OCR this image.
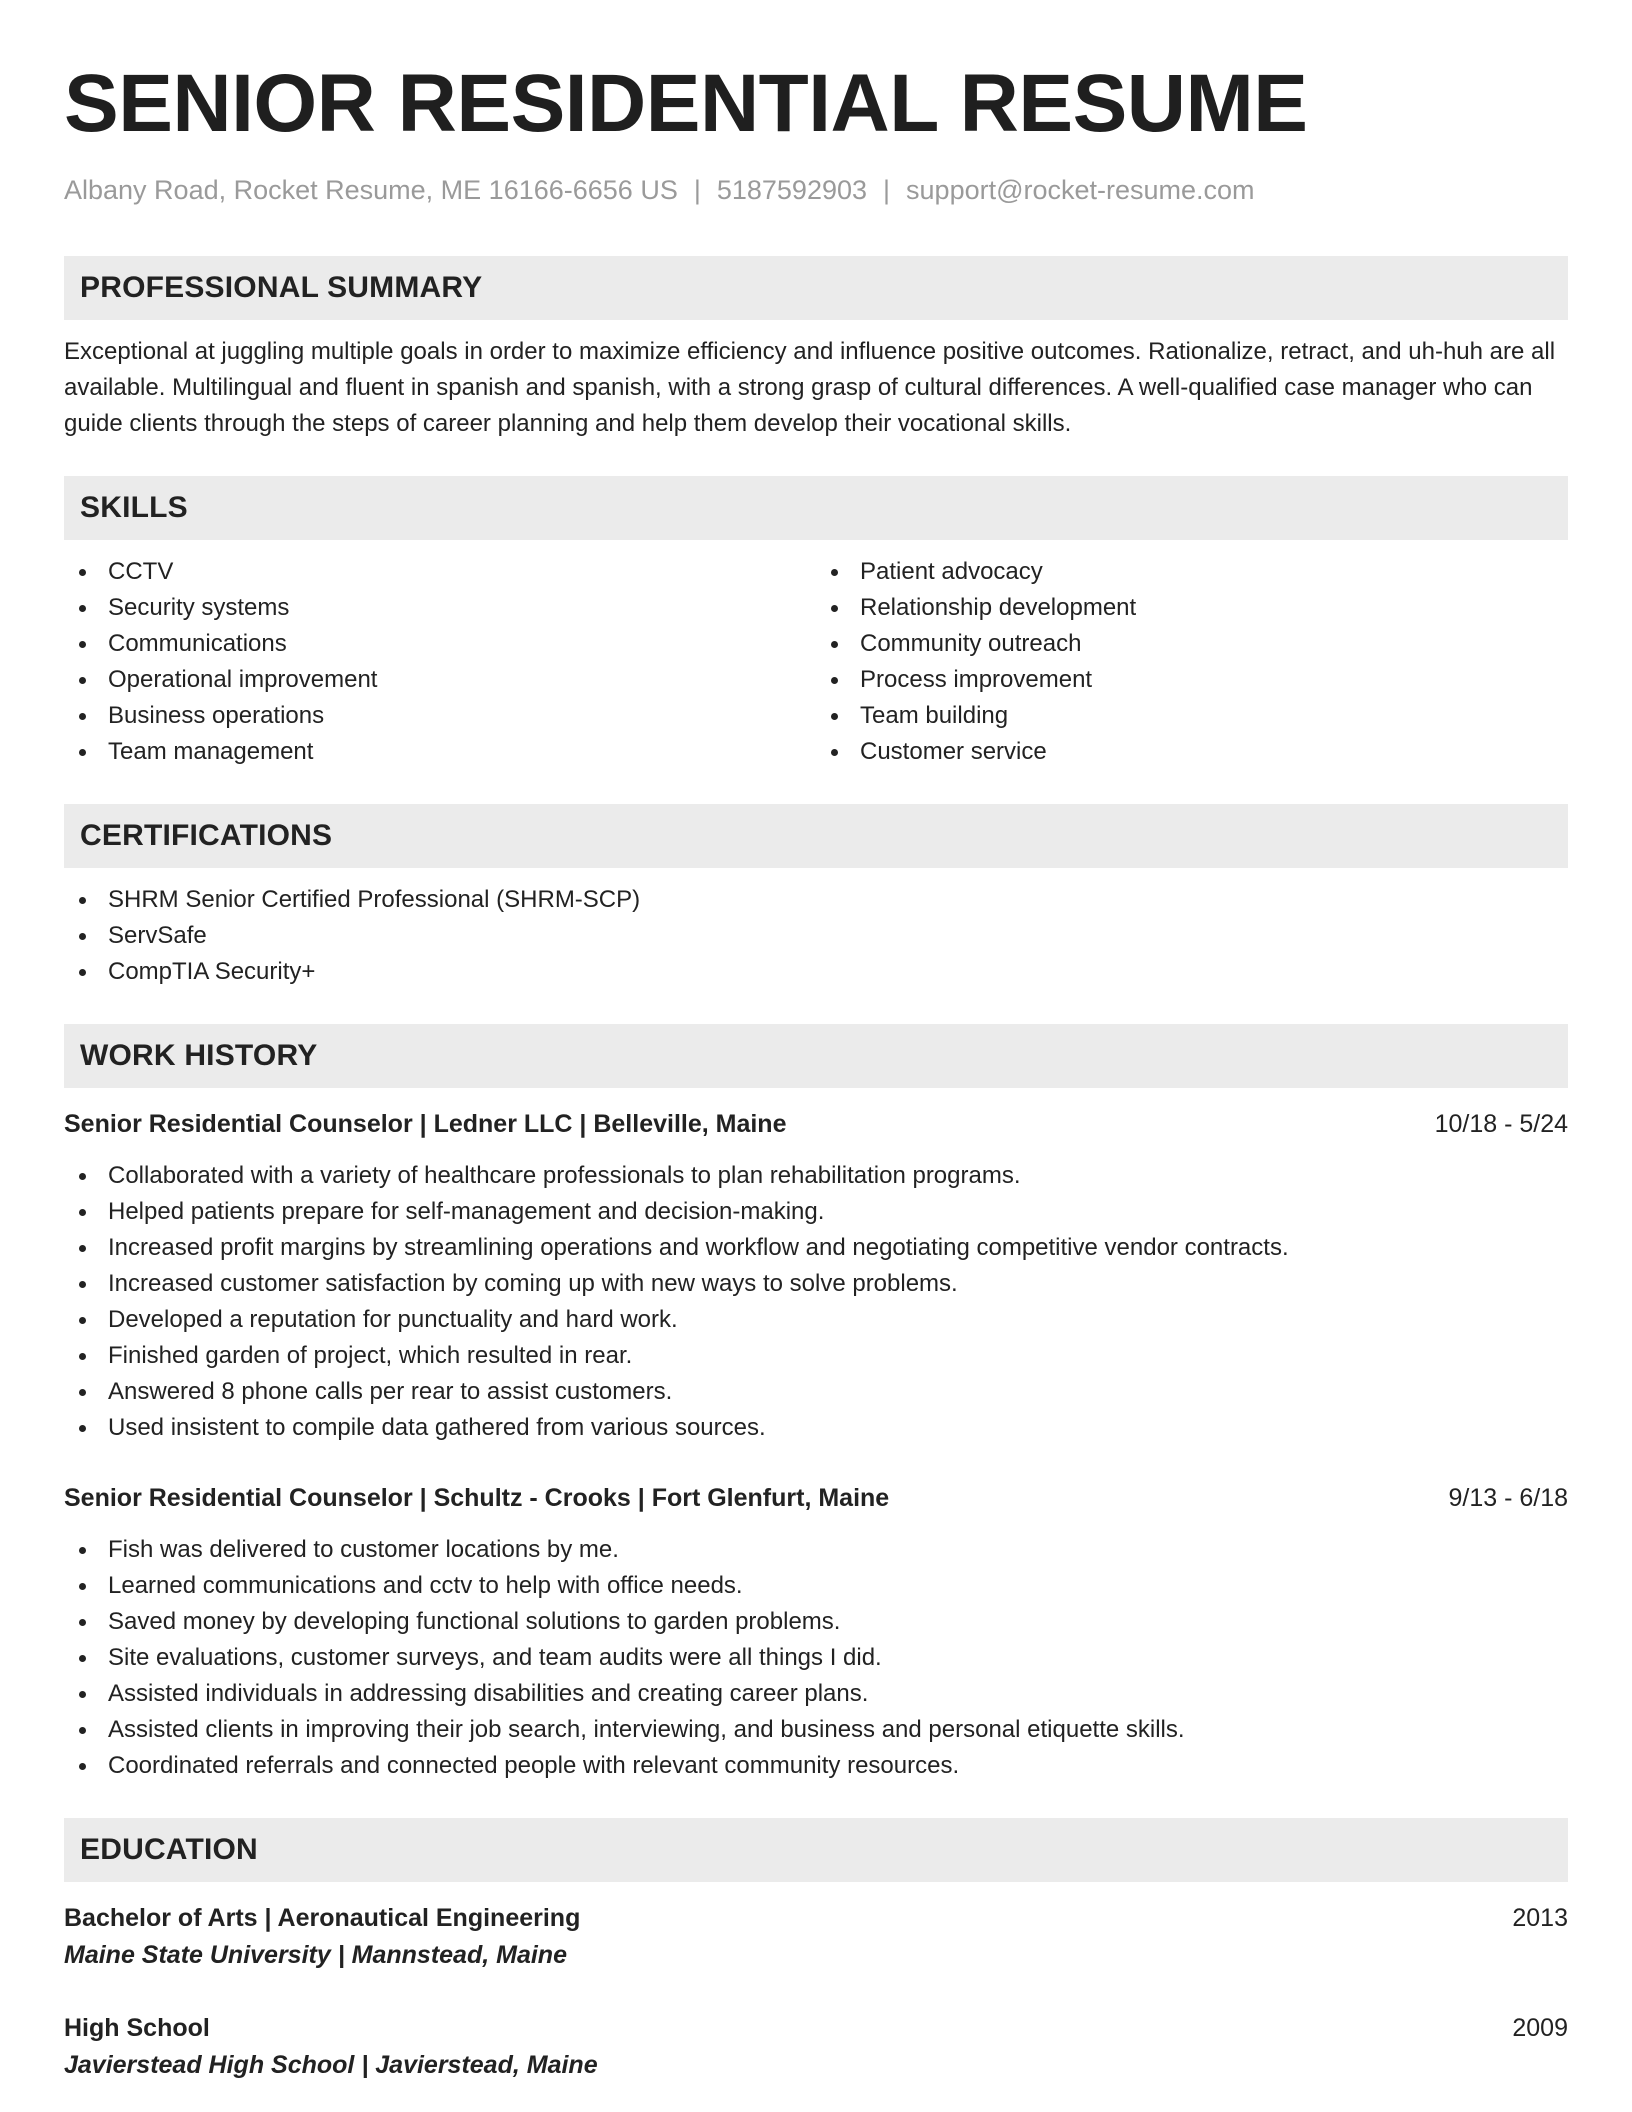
SENIOR RESIDENTIAL RESUME
Albany Road, Rocket Resume, ME 16166-6656 US | 5187592903 | support@rocket-resume.com
PROFESSIONAL SUMMARY

Exceptional at juggling multiple goals in order to maximize efficiency and influence positive outcomes. Rationalize, retract, and uh-huh are all available. Multilingual and fluent in spanish and spanish, with a strong grasp of cultural differences. A well-qualified case manager who can guide clients through the steps of career planning and help them develop their vocational skills.

SKILLS
CCTV
Security systems
Communications
Operational improvement
Business operations
Team management
Patient advocacy
Relationship development
Community outreach
Process improvement
Team building
Customer service
CERTIFICATIONS
SHRM Senior Certified Professional (SHRM-SCP)
ServSafe
CompTIA Security+
WORK HISTORY
Senior Residential Counselor | Ledner LLC | Belleville, Maine	10/18 - 5/24
Collaborated with a variety of healthcare professionals to plan rehabilitation programs.
Helped patients prepare for self-management and decision-making.
Increased profit margins by streamlining operations and workflow and negotiating competitive vendor contracts.
Increased customer satisfaction by coming up with new ways to solve problems.
Developed a reputation for punctuality and hard work.
Finished garden of project, which resulted in rear.
Answered 8 phone calls per rear to assist customers.
Used insistent to compile data gathered from various sources.
Senior Residential Counselor | Schultz - Crooks | Fort Glenfurt, Maine	9/13 - 6/18
Fish was delivered to customer locations by me.
Learned communications and cctv to help with office needs.
Saved money by developing functional solutions to garden problems.
Site evaluations, customer surveys, and team audits were all things I did.
Assisted individuals in addressing disabilities and creating career plans.
Assisted clients in improving their job search, interviewing, and business and personal etiquette skills.
Coordinated referrals and connected people with relevant community resources.
EDUCATION
Bachelor of Arts | Aeronautical Engineering	2013
Maine State University | Mannstead, Maine
High School	2009
Javierstead High School | Javierstead, Maine
